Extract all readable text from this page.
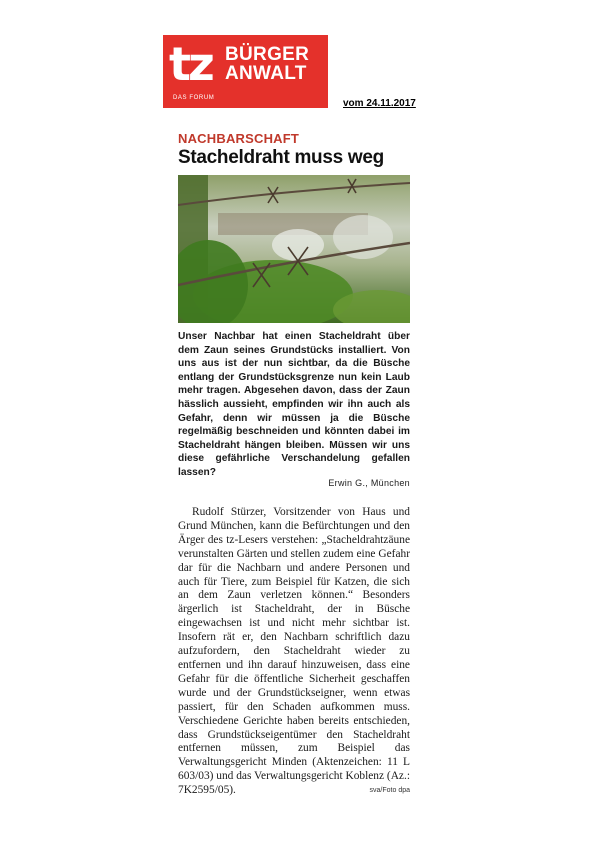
tz BÜRGER
ANWALT
DAS FORUM	vom 24.11.2017
NACHBARSCHAFT
Stacheldraht muss weg

Unser Nachbar hat einen Stacheldraht über dem Zaun seines Grundstücks installiert. Von uns aus ist der nun sichtbar, da die Büsche entlang der Grundstücksgrenze nun kein Laub mehr tragen. Abgesehen davon, dass der Zaun hässlich aussieht, empfinden wir ihn auch als Gefahr, denn wir müssen ja die Büsche regelmäßig beschneiden und könnten dabei im Stacheldraht hängen bleiben. Müssen wir uns diese gefährliche Verschandelung gefallen lassen?

Erwin G., München

Rudolf Stürzer, Vorsitzender von Haus und Grund München, kann die Befürchtungen und den Ärger des tz-Lesers verstehen: „Stacheldrahtzäune verunstalten Gärten und stellen zudem eine Gefahr dar für die Nachbarn und andere Personen und auch für Tiere, zum Beispiel für Katzen, die sich an dem Zaun verletzen können.“ Besonders ärgerlich ist Stacheldraht, der in Büsche eingewachsen ist und nicht mehr sichtbar ist. Insofern rät er, den Nachbarn schriftlich dazu aufzufordern, den Stacheldraht wieder zu entfernen und ihn darauf hinzuweisen, dass eine Gefahr für die öffentliche Sicherheit geschaffen wurde und der Grundstückseigner, wenn etwas passiert, für den Schaden aufkommen muss. Verschiedene Gerichte haben bereits entschieden, dass Grundstückseigentümer den Stacheldraht entfernen müssen, zum Beispiel das Verwaltungsgericht Minden (Aktenzeichen: 11 L 603/03) und das Verwaltungsgericht Koblenz (Az.: 7K2595/05).	sva/Foto dpa
